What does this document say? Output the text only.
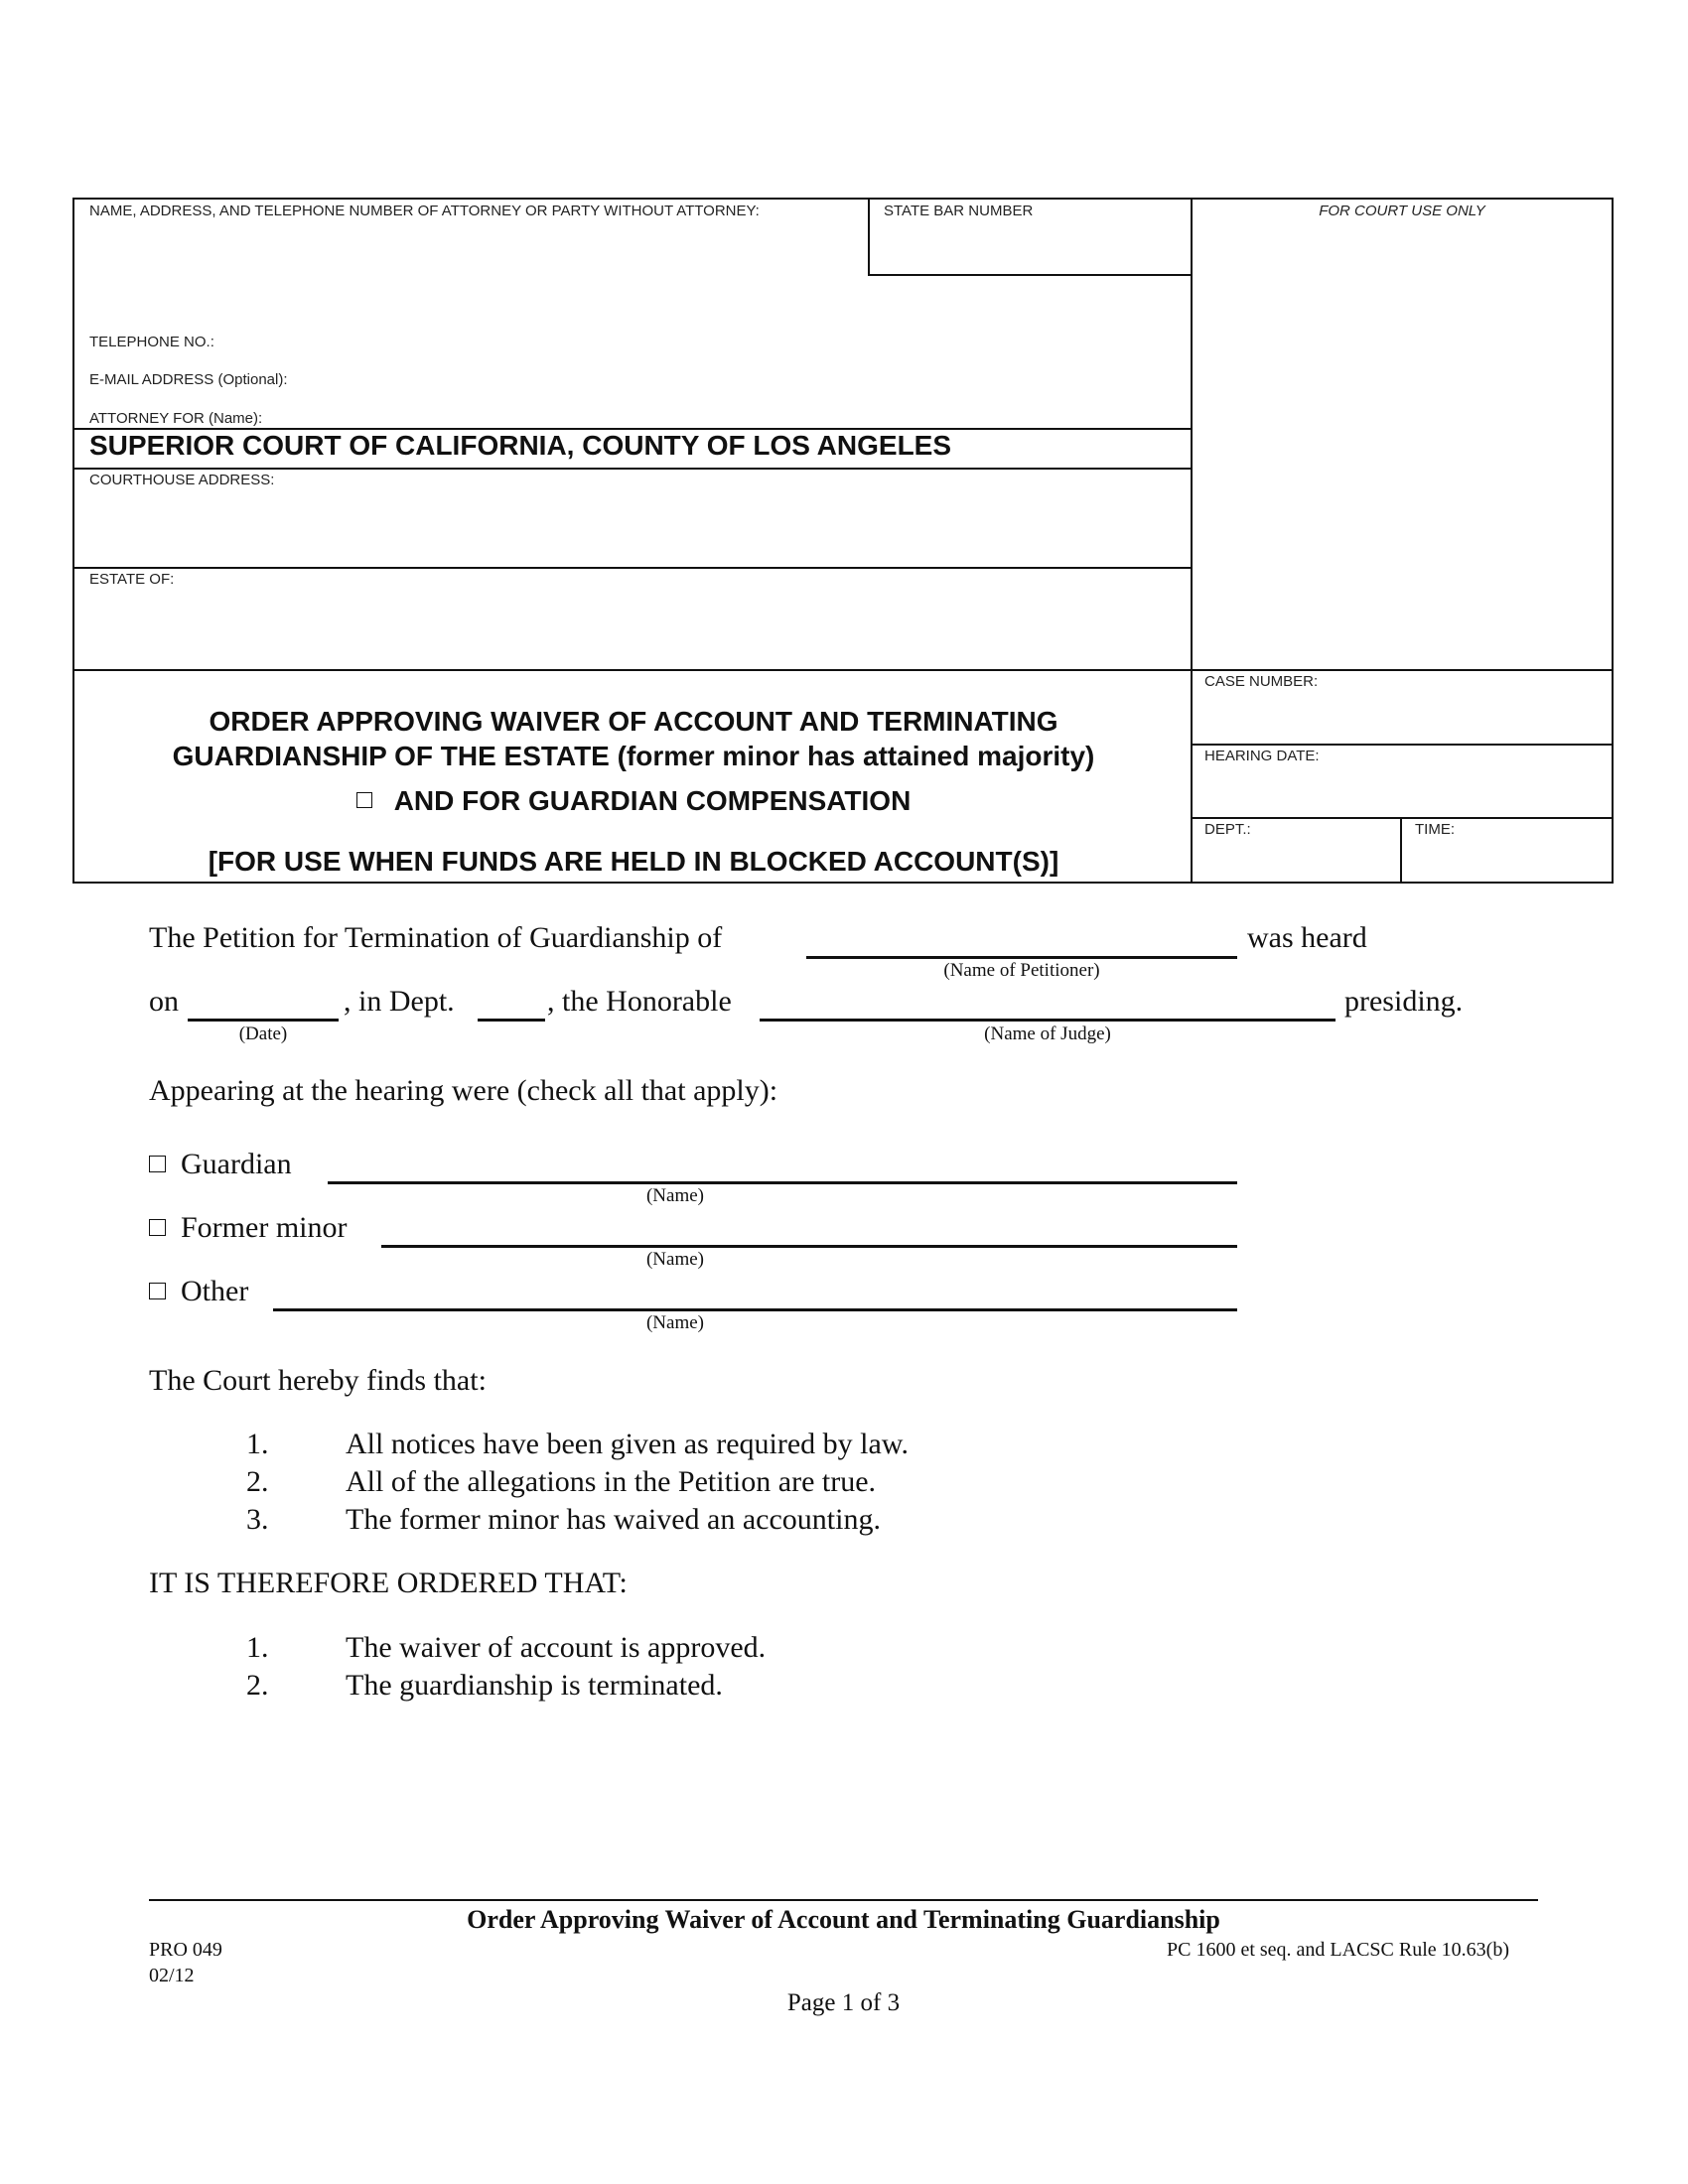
NAME, ADDRESS, AND TELEPHONE NUMBER OF ATTORNEY OR PARTY WITHOUT ATTORNEY:	STATE BAR NUMBER	FOR COURT USE ONLY
TELEPHONE NO.:
E-MAIL ADDRESS (Optional):
ATTORNEY FOR (Name):
SUPERIOR COURT OF CALIFORNIA, COUNTY OF LOS ANGELES
COURTHOUSE ADDRESS:
ESTATE OF:
CASE NUMBER:
HEARING DATE:
DEPT.:	TIME:
ORDER APPROVING WAIVER OF ACCOUNT AND TERMINATING
GUARDIANSHIP OF THE ESTATE (former minor has attained majority)
AND FOR GUARDIAN COMPENSATION
[FOR USE WHEN FUNDS ARE HELD IN BLOCKED ACCOUNT(S)]
The Petition for Termination of Guardianship of	was heard
(Name of Petitioner)
on	, in Dept.	, the Honorable	presiding.
(Date)	(Name of Judge)
Appearing at the hearing were (check all that apply):
Guardian
(Name)
Former minor
(Name)
Other
(Name)
The Court hereby finds that:
1.	All notices have been given as required by law.
2.	All of the allegations in the Petition are true.
3.	The former minor has waived an accounting.
IT IS THEREFORE ORDERED THAT:
1.	The waiver of account is approved.
2.	The guardianship is terminated.
Order Approving Waiver of Account and Terminating Guardianship
PRO 049
02/12
PC 1600 et seq. and LACSC Rule 10.63(b)
Page 1 of 3
